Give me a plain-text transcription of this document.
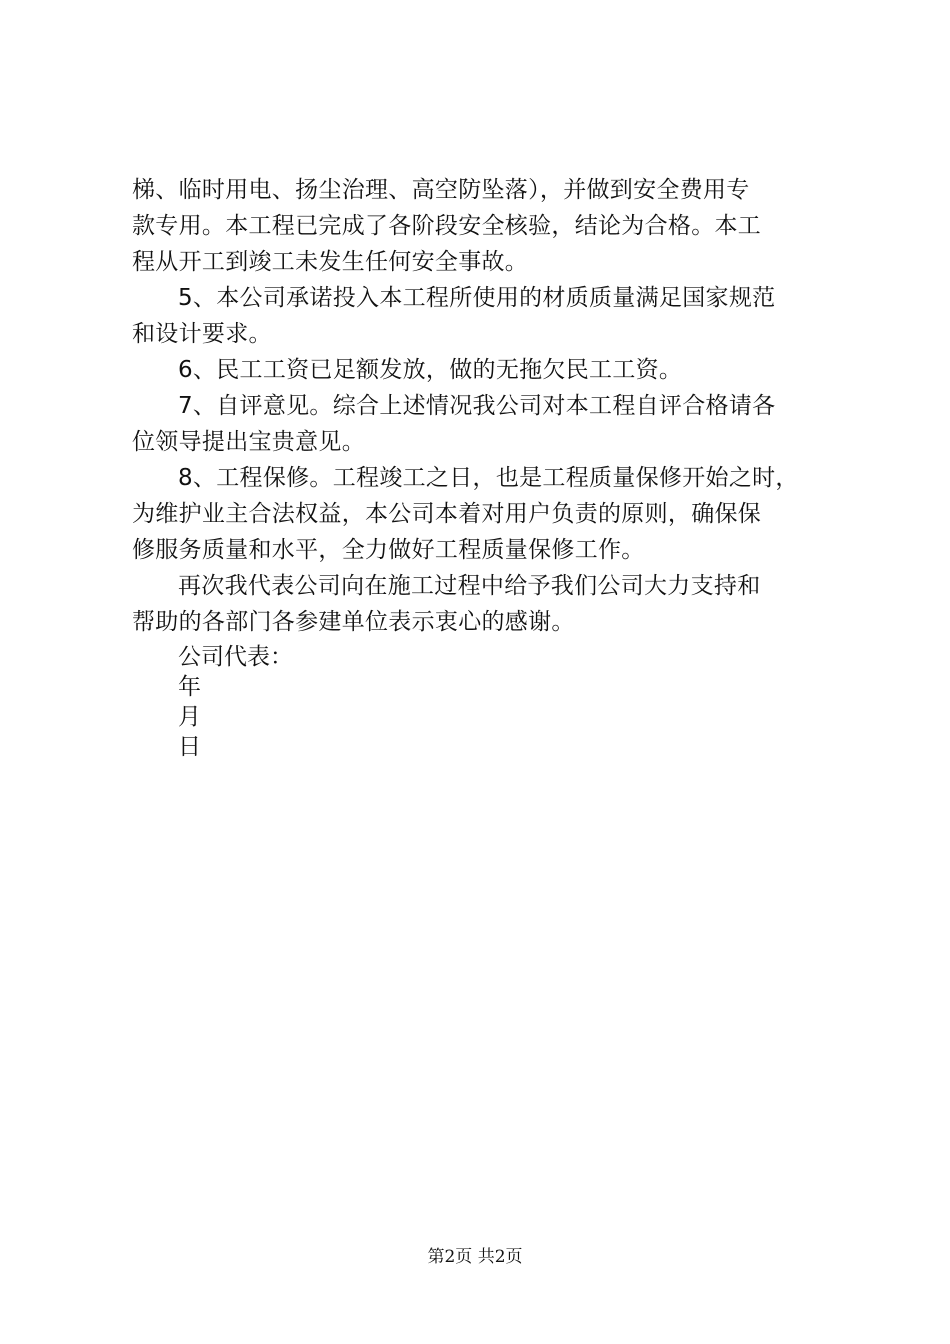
梯、临时用电、扬尘治理、高空防坠落），并做到安全费用专
款专用。本工程已完成了各阶段安全核验，结论为合格。本工
程从开工到竣工未发生任何安全事故。
5、本公司承诺投入本工程所使用的材质质量满足国家规范
和设计要求。
6、民工工资已足额发放，做的无拖欠民工工资。
7、自评意见。综合上述情况我公司对本工程自评合格请各
位领导提出宝贵意见。
8、工程保修。工程竣工之日，也是工程质量保修开始之时，
为维护业主合法权益，本公司本着对用户负责的原则，确保保
修服务质量和水平，全力做好工程质量保修工作。
再次我代表公司向在施工过程中给予我们公司大力支持和
帮助的各部门各参建单位表示衷心的感谢。
公司代表：
年
月
日
第2页 共2页
